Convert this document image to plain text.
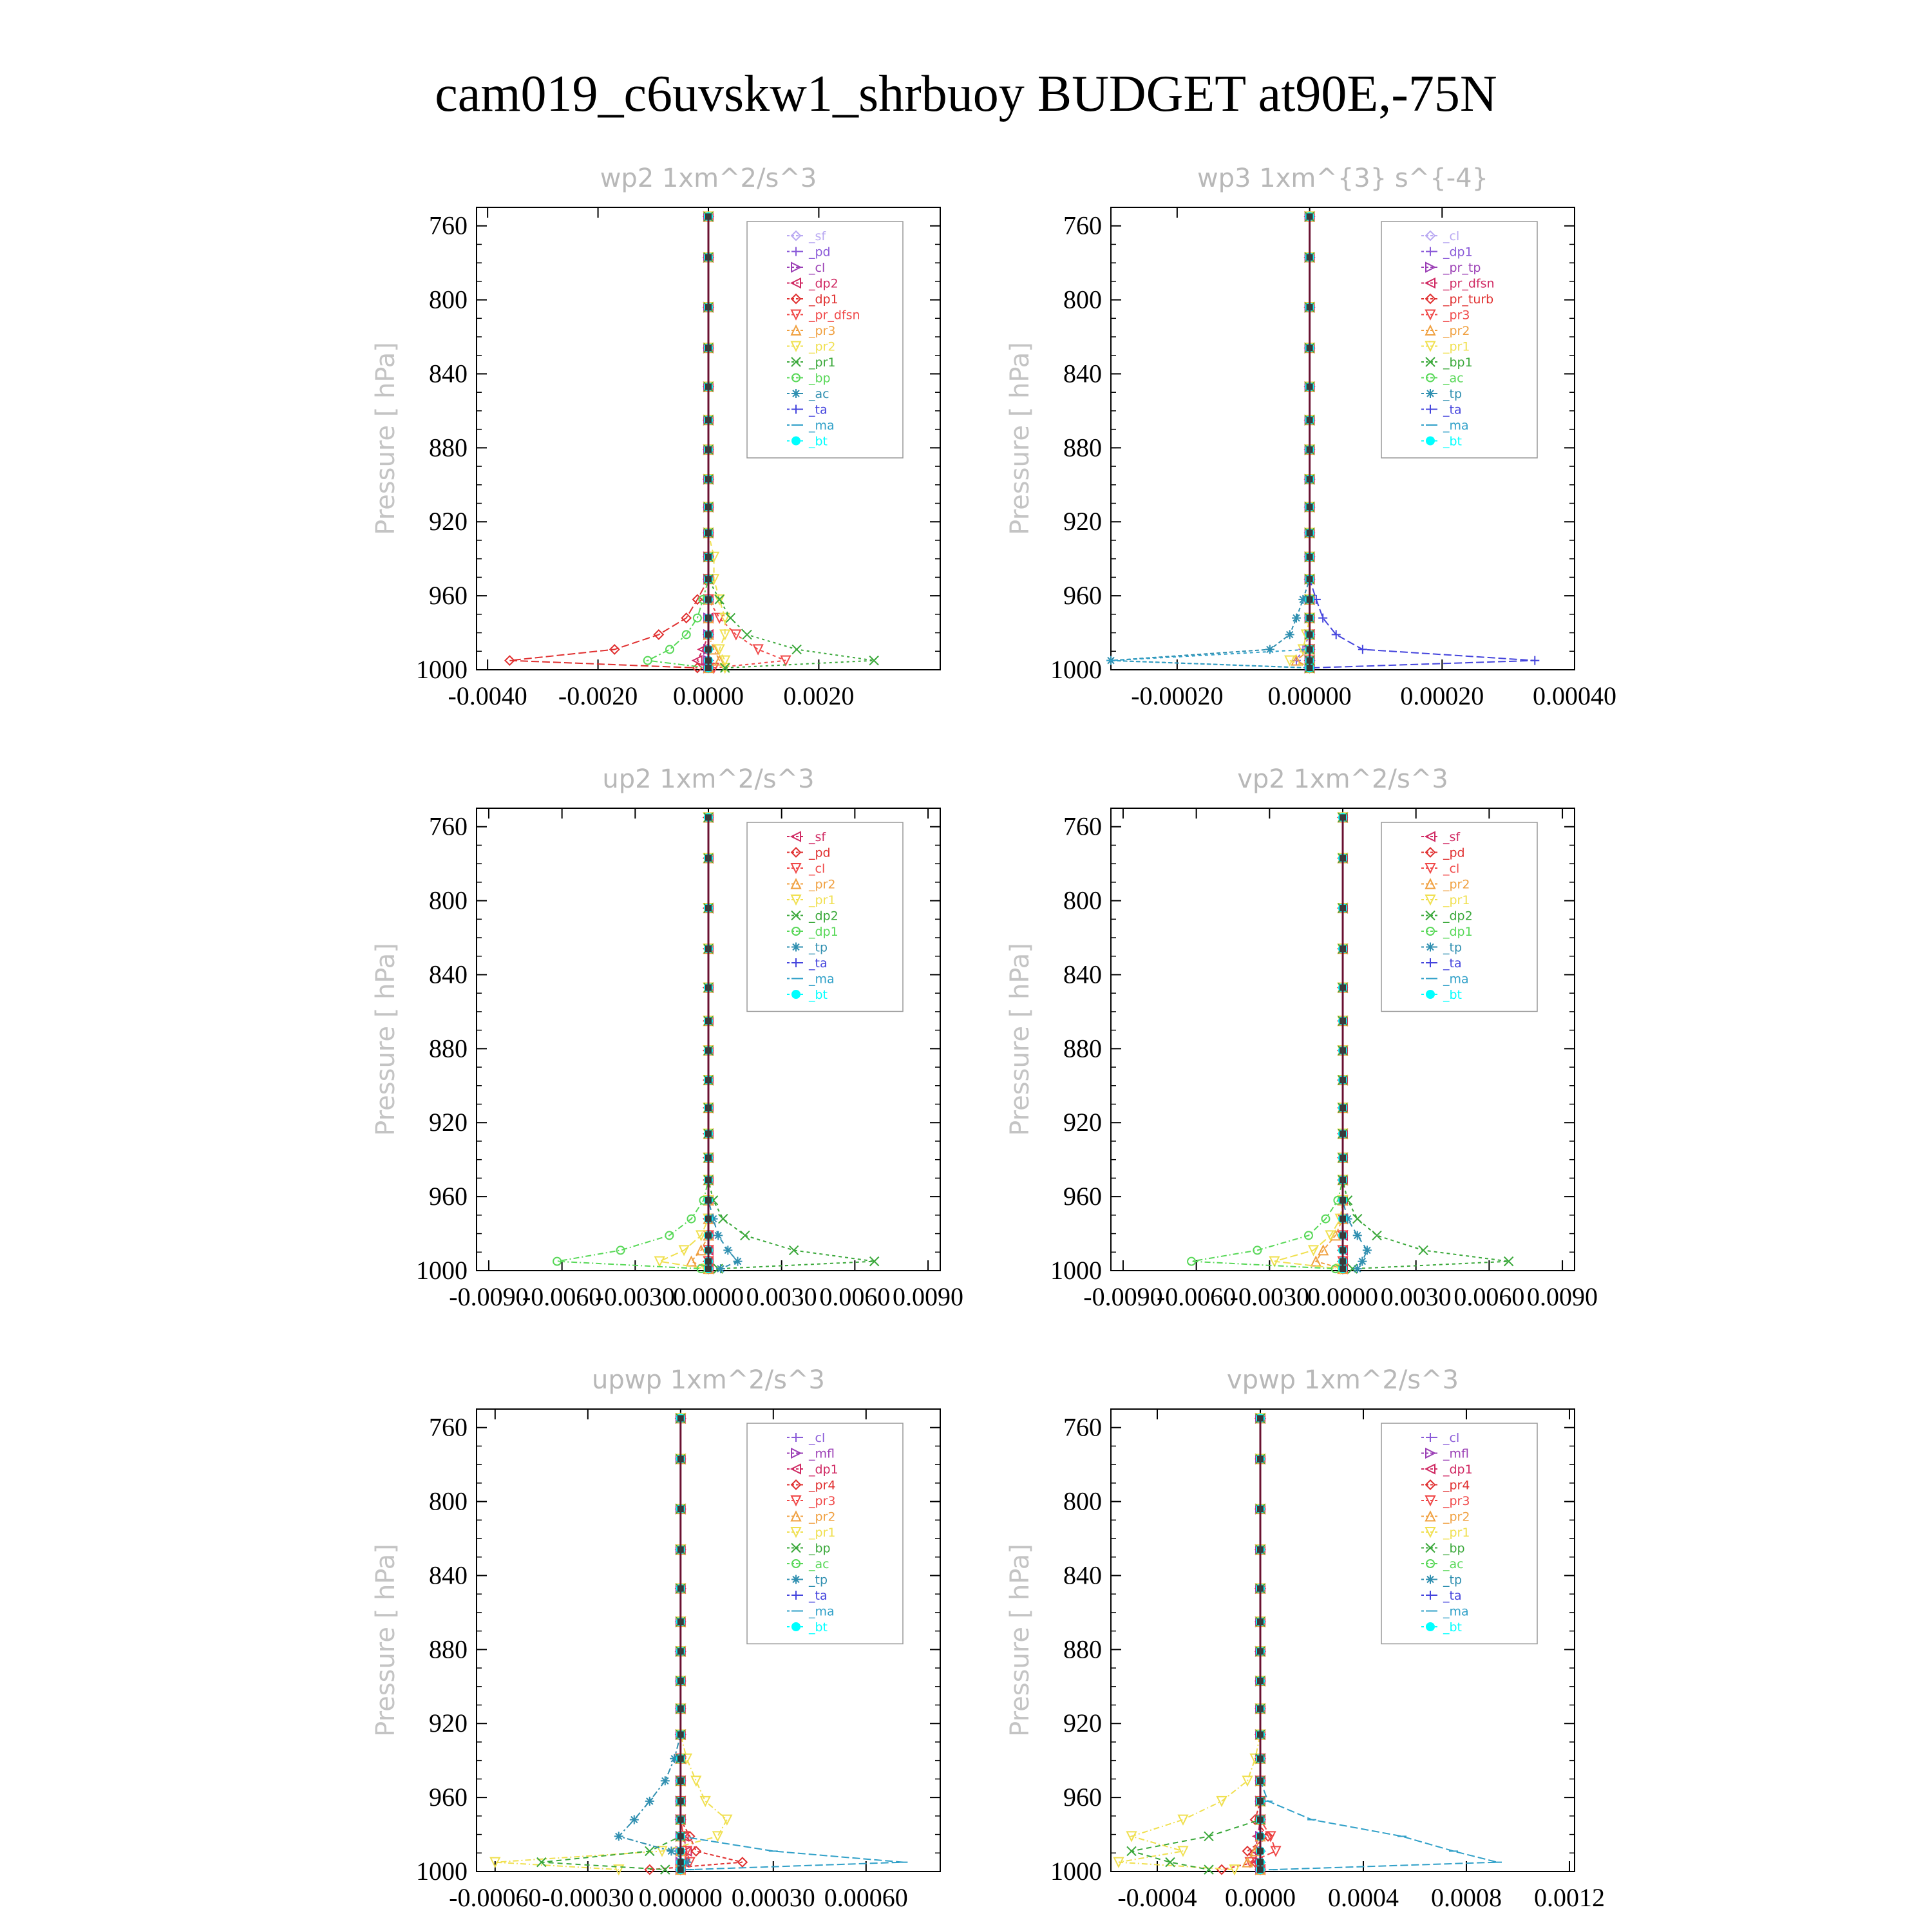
cam019_c6uvskw1_shrbuoy BUDGET at90E,-75N
wp2 1xm^2/s^3
Pressure [ hPa]
760
800
840
880
920
960
1000
-0.0040 -0.0020 0.0000 0.0020
_sf
_pd
_cl
_dp2
_dp1
_pr_dfsn
_pr3
_pr2
_pr1
_bp
_ac
_ta
_ma
_bt
wp3 1xm^{3} s^{-4}
Pressure [ hPa]
760
800
840
880
920
960
1000
-0.00020 0.00000 0.00020 0.00040
_cl
_dp1
_pr_tp
_pr_dfsn
_pr_turb
_pr3
_pr2
_pr1
_bp1
_ac
_tp
_ta
_ma
_bt
up2 1xm^2/s^3
Pressure [ hPa]
760
800
840
880
920
960
1000
-0.0090
-0.0060
-0.0030
0.0000 0.0030 0.0060 0.0090
_sf
_pd
_cl
_pr2
_pr1
_dp2
_dp1
_tp
_ta
_ma
_bt
vp2 1xm^2/s^3
Pressure [ hPa]
760
800
840
880
920
960
1000
-0.0090
-0.0060
-0.0030
0.0000 0.0030 0.0060 0.0090
_sf
_pd
_cl
_pr2
_pr1
_dp2
_dp1
_tp
_ta
_ma
_bt
upwp 1xm^2/s^3
Pressure [ hPa]
760
800
840
880
920
960
1000
-0.00060 -0.00030 0.00000 0.00030 0.00060
_cl
_mfl
_dp1
_pr4
_pr3
_pr2
_pr1
_bp
_ac
_tp
_ta
_ma
_bt
vpwp 1xm^2/s^3
Pressure [ hPa]
760
800
840
880
920
960
1000
-0.0004 0.0000 0.0004 0.0008 0.0012
_cl
_mfl
_dp1
_pr4
_pr3
_pr2
_pr1
_bp
_ac
_tp
_ta
_ma
_bt
